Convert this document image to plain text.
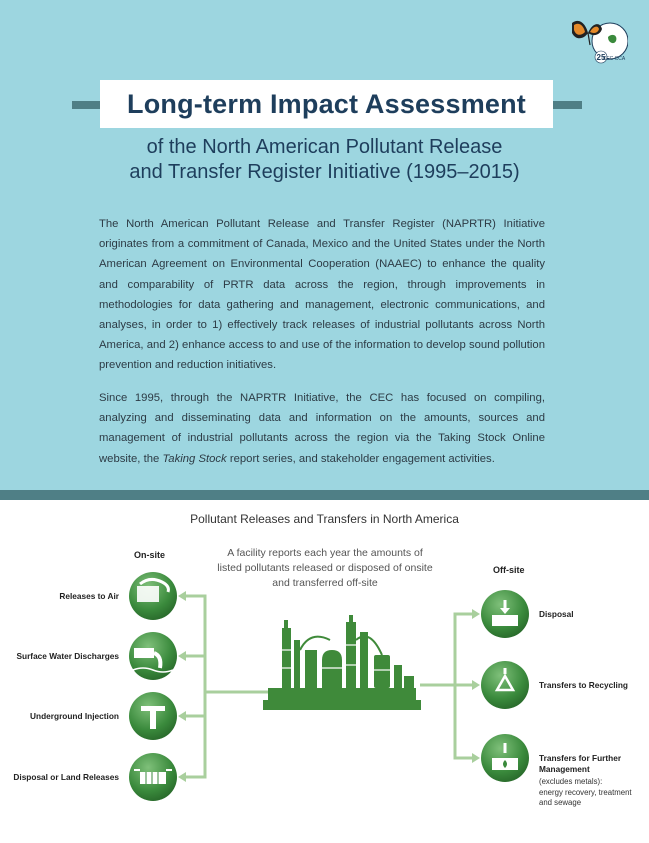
Long-term Impact Assessment
of the North American Pollutant Release
and Transfer Register Initiative (1995–2015)
25
CEC CCA

The North American Pollutant Release and Transfer Register (NAPRTR) Initiative originates from a commitment of Canada, Mexico and the United States under the North American Agreement on Environmental Cooperation (NAAEC) to enhance the quality and comparability of PRTR data across the region, through improvements in methodologies for data gathering and management, electronic communications, and analyses, in order to 1) effectively track releases of industrial pollutants across North America, and 2) enhance access to and use of the information to develop sound pollution prevention and reduction initiatives.

Since 1995, through the NAPRTR Initiative, the CEC has focused on compiling, analyzing and disseminating data and information on the amounts, sources and management of industrial pollutants across the region via the Taking Stock Online website, the Taking Stock report series, and stakeholder engagement activities.

Pollutant Releases and Transfers in North America
On-site
Off-site
A facility reports each year the amounts of listed pollutants released or disposed of onsite and transferred off-site
Releases to Air
Surface Water Discharges
Underground Injection
Disposal or Land Releases
Disposal
Transfers to Recycling
Transfers for Further Management
(excludes metals):
energy recovery, treatment and sewage
